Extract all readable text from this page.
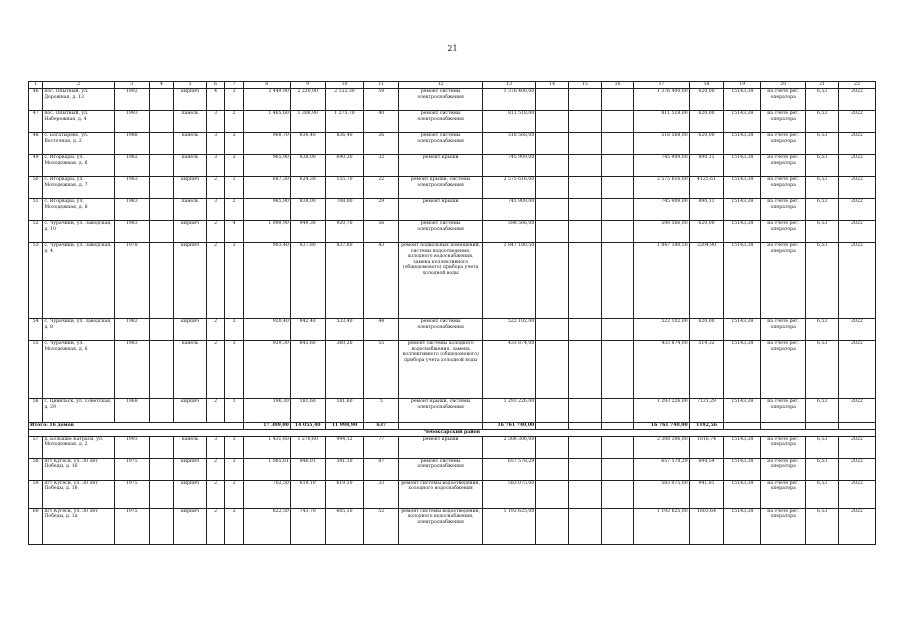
21
1	2	3	4	5	6	7	8	9	10	11	12	13	14	15	16	17	18	19	20	21	22
46	пос. Опытный, ул. Дорожная, д. 13	1992		кирпич	4	3	2 449,90	2 220,90	2 122,30	59	ремонт системы электроснабжения	1 376 400,00				1 376 400,00	620,00	15143,38	на счете рег. оператора	6,53	2022
47	пос. Опытный, ул. Набережная, д. 4	1993		панель	3	2	1 465,60	1 308,90	1 275,70	40	ремонт системы электроснабжения	811 518,00				811 518,00	620,00	15143,38	на счете рег. оператора	6,53	2022
48	с. Богатырево, ул. Восточная, д. 2	1988		панель	3	2	968,70	836,40	836,40	26	ремонт системы электроснабжения	518 568,00				518 568,00	620,00	15143,38	на счете рег. оператора	6,53	2022
49	с. Игорвары, ул. Молодежная, д. 6	1982		панель	3	2	965,90	838,00	690,30	32	ремонт крыши	745 909,00				745 909,00	890,11	15143,38	на счете рег. оператора	6,53	2022
50	с. Игорвары, ул. Молодежная, д. 7	1983		кирпич	2	1	687,30	624,30	155,70	22	ремонт крыши, системы электроснабжения	2 575 616,00				2 575 616,00	4125,61	15143,38	на счете рег. оператора	6,53	2022
51	с. Игорвары, ул. Молодежная, д. 8	1983		панель	3	2	965,90	838,00	708,00	29	ремонт крыши	745 909,00				745 909,00	890,11	15143,38	на счете рег. оператора	6,53	2022
52	с. Чурачики, ул. Заводская, д. 10	1983		кирпич	2	4	1 090,90	949,30	920,70	56	ремонт системы электроснабжения	598 566,00				598 566,00	620,00	15143,38	на счете рег. оператора	6,53	2022
53	с. Чурачики, ул. Заводская, д. 4	1978		кирпич	2	3	903,40	837,80	837,80	43	ремонт подвальных помещений, системы водоотведения, холодного водоснабжения, замена коллективного (общедомового) прибора учета холодной воды	1 847 180,50				1 847 180,50	2204,90	15143,38	на счете рег. оператора	6,53	2022
54	с. Чурачики, ул. Заводская, д. 8	1982		кирпич	2	3	920,40	842,40	533,40	44	ремонт системы электроснабжения	522 102,00				522 102,00	620,00	15143,38	на счете рег. оператора	6,53	2022
55	с. Чурачики, ул. Молодежная, д. 6	1983		панель	2	3	929,30	843,60	360,20	55	ремонт системы холодного водоснабжения, замена коллективного (общедомового) прибора учета холодной воды	433 874,00				433 874,00	514,32	15143,38	на счете рег. оператора	6,53	2022
56	г. Цивильск, ул. Советская, д. 29	1968		кирпич	2	1	196,30	181,60	181,60	5	ремонт крыши, системы электроснабжения	1 293 226,00				1 293 226,00	7121,29	15143,38	на счете рег. оператора	6,53	2022
Итого: 16 домов							17 309,00	14 055,40	11 998,90	637		16 761 740,00				16 761 740,00	1192,56				
Чебоксарский район																					
57	д. Большие Катраси, ул. Молодежная, д. 2	1993		панель	3	3	1 431,60	1 270,60	994,12	77	ремонт крыши	2 308 306,00				2 308 306,00	1816,74	15143,38	на счете рег. оператора	6,53	2022
58	пгт Кугеси, ул. 30 лет Победы, д. 16	1975		кирпич	2	3	1 065,61	946,01	341,10	87	ремонт системы электроснабжения	657 578,29				657 578,29	694,54	15143,38	на счете рег. оператора	6,53	2022
59	пгт Кугеси, ул. 30 лет Победы, д. 18	1975		кирпич	2	2	702,50	619,10	619,10	33	ремонт системы водоотведения, холодного водоснабжения	583 075,00				583 075,00	941,81	15143,38	на счете рег. оператора	6,53	2022
60	пгт Кугеси, ул. 30 лет Победы, д. 1а	1975		кирпич	2	2	822,50	743,70	605,10	52	ремонт системы водоотведения, холодного водоснабжения, электроснабжения	1 192 625,00				1 192 625,00	1603,64	15143,38	на счете рег. оператора	6,53	2022
